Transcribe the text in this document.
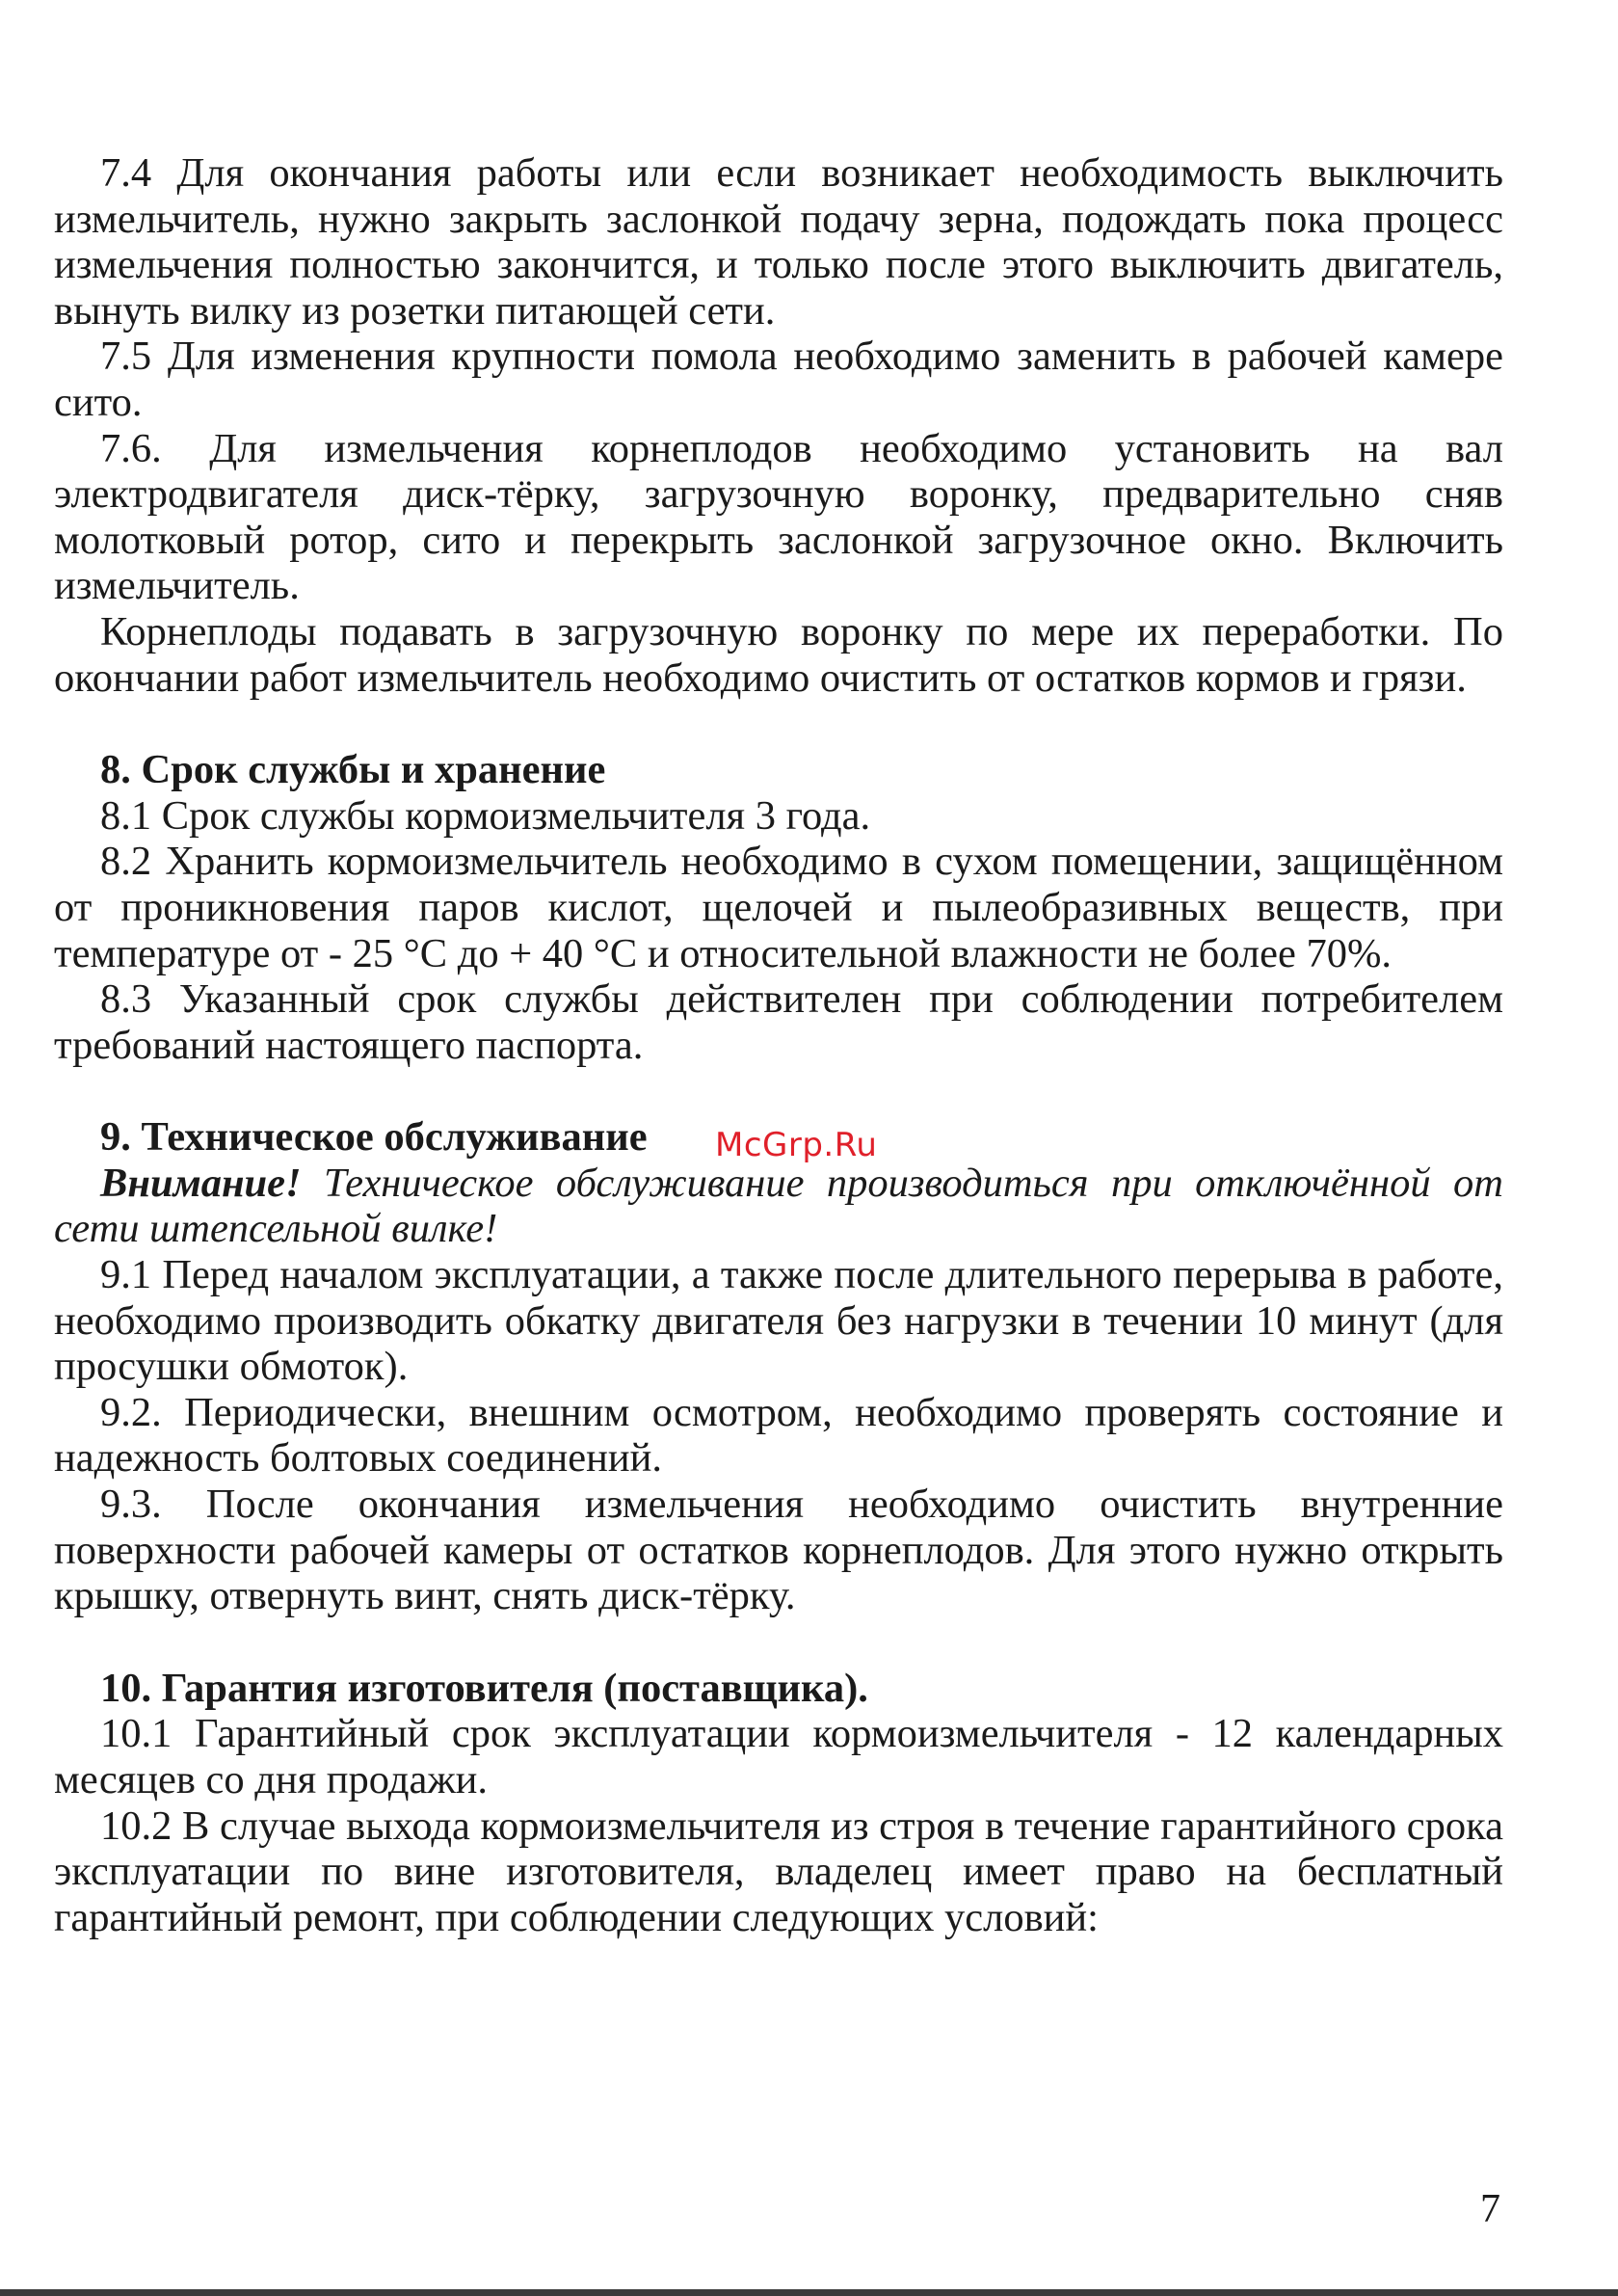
7.4 Для окончания работы или если возникает необходимость выключить измельчитель, нужно закрыть заслонкой подачу зерна, подождать пока процесс измельчения полностью закончится, и только после этого выключить двигатель, вынуть вилку из розетки питающей сети.

7.5 Для изменения крупности помола необходимо заменить в рабочей камере сито.

7.6. Для измельчения корнеплодов необходимо установить на вал электродвигателя диск-тёрку, загрузочную воронку, предварительно сняв молотковый ротор, сито и перекрыть заслонкой загрузочное окно. Включить измельчитель.

Корнеплоды подавать в загрузочную воронку по мере их переработки. По окончании работ измельчитель необходимо очистить от остатков кормов и грязи.

8. Срок службы и хранение

8.1 Срок службы кормоизмельчителя 3 года.

8.2 Хранить кормоизмельчитель необходимо в сухом помещении, защищённом от проникновения паров кислот, щелочей и пылеобразивных веществ, при температуре от - 25 °С до + 40 °С и относительной влажности не более 70%.

8.3 Указанный срок службы действителен при соблюдении потребителем требований настоящего паспорта.

9. Техническое обслуживание

Внимание! Техническое обслуживание производиться при отключённой от сети штепсельной вилке!

9.1 Перед началом эксплуатации, а также после длительного перерыва в работе, необходимо производить обкатку двигателя без нагрузки в течении 10 минут (для просушки обмоток).

9.2. Периодически, внешним осмотром, необходимо проверять состояние и надежность болтовых соединений.

9.3. После окончания измельчения необходимо очистить внутренние поверхности рабочей камеры от остатков корнеплодов. Для этого нужно открыть крышку, отвернуть винт, снять диск-тёрку.

10. Гарантия изготовителя (поставщика).

10.1 Гарантийный срок эксплуатации кормоизмельчителя - 12 календарных месяцев со дня продажи.

10.2 В случае выхода кормоизмельчителя из строя в течение гарантийного срока эксплуатации по вине изготовителя, владелец имеет право на бесплатный гарантийный ремонт, при соблюдении следующих условий:

McGrp.Ru
7
